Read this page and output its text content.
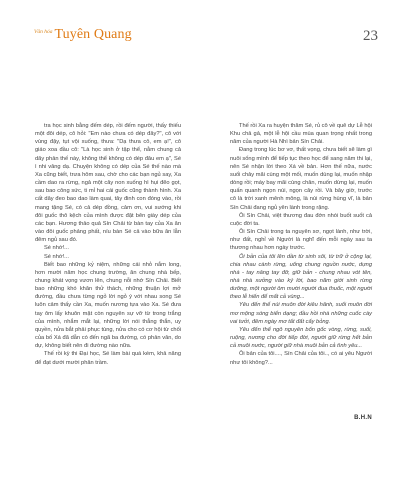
Văn hóa Tuyên Quang	23

tra học sinh bằng đếm dép, rồi đếm người, thấy thiếu một đôi dép, cô hỏi: "Em nào chưa có dép đây?", cô với vùng đậy, tụt vội xuống, thưa: "Dạ thưa cô, em ạ!", cô giáo xoa đầu cô: "Là học sinh ở tập thể, nằm chung cả dãy phản thế này, không thể không có dép đâu em ạ", Sé ì nhi vâng dạ. Chuyện không có dép của Sé thế nào mà Xa cũng biết, trưa hôm sau, chờ cho các bạn ngủ say, Xa cầm dao ra rừng, ngả một cây non xuống hì hụi đẽo gọt, sau bao công sức, ti mỉ hai cái guốc cũng thành hình. Xa cất dây đeo bao dao làm quai, tây đinh con đóng vào, rồi mang tặng Sé, có cả dép đồng, cảm ơn, vui sướng khi đôi guốc thô kệch của mình được đặt bên giày dép của các bạn. Hương thảo quả Sín Chải từ bàn tay của Xa ăn vào đôi guốc phảng phất, níu bàn Sé cả vào bữa ăn lẫn đêm ngủ sau đó.

Sé nhớ!...

Sé nhớ!...

Biết bao những kỷ niệm, những cái nhỏ nắm long, hơn mười năm học chung trường, ăn chung nhà bếp, chung khát vọng vươn lên, chung nỗi nhớ Sín Chải. Biết bao những khó khăn thử thách, những thuận lợi mở đường, đầu chưa từng ngỏ lời ngỏ ý với nhau song Sé luôn cảm thấy cần Xa, muốn nương tựa vào Xa. Sé đưa tay ôm lấy khuôn mặt còn nguyên sự vỡ từ trong trắng của mình, nhắm mắt lại, những lời nói thẳng thắn, uy quyền, nửa bắt phải phục tùng, nửa cho có cơ hội từ chối của bố Xá đã dẫn có đến ngã ba đường, có phản vân, do dự, không biết nên đi đường nào nữa.

Thế rồi kỳ thi Đại học, Sé làm bài quá kém, khả năng để đạt dưới mười phân trầm.

Thế rồi Xa ra huyện thăm Sé, rủ cô về quê dự Lễ hội Khu chả gả, một lễ hội cầu mùa quan trọng nhất trong năm của người Hà Nhì bản Sín Chải.

Đang trong lúc bơ vơ, thất vọng, chưa biết sẽ làm gì nuôi sống mình để tiếp tục theo học để sang năm thi lại, nên Sé nhận lời theo Xá về bản. Hơn thế nữa, nước suối chảy mãi cùng một mối, muốn dùng lại, muốn nhập dòng rồi; máy bay mãi cùng chân, muốn dừng lại, muốn quấn quanh ngọn núi, ngọn cây rồi. Và bây giờ, trước cô là trời xanh mênh mông, là núi rừng hùng vĩ, là bản Sín Chải đang ngủ yên lành trong rặng.

Ôi Sín Chải, việt thương đau đớn nhói buốt suốt cả cuộc đời ta.

Ôi Sín Chải trong ta nguyên sơ, ngọt lành, như trời, như đất, nghỉ về Người là nghĩ đến mỗi ngày sau ta thương nhau hơn ngày trước.

Ôi bản của tôi lên dần từ sinh sôi, từ trữ ở cộng lại, chia nhau cành rừng, uống chung nguồn nước, dựng nhà - tay nâng tay đỡ, giữ bản - chung nhau vót tên, nhà nhà xưởng vào ký lời, bao năm giới sinh rừng dưỡng, một người ôm mười người đua thuốc, một người theo lễ hiến để mất cả vùng...

Yêu đến thể núi muôn đời kiêu hãnh, suối muôn đời mơ mộng sóng biển dạng; đầu hồi nhà những cuốc cày vai tưởi, đêm ngày mơ tất đất cấy bỏng.

Yêu đến thể ngô nguyên bốn gốc vòng, rừng, suối, ruộng, nương cho đời tiếp đời, người giữ rừng hết bản cả muôi nước, người giữ nhà muôi bản cả tình yêu...

Ôi bản của tôi...., Sín Chải của tôi.., có ai yêu Người như tôi không?...

B.H.N
